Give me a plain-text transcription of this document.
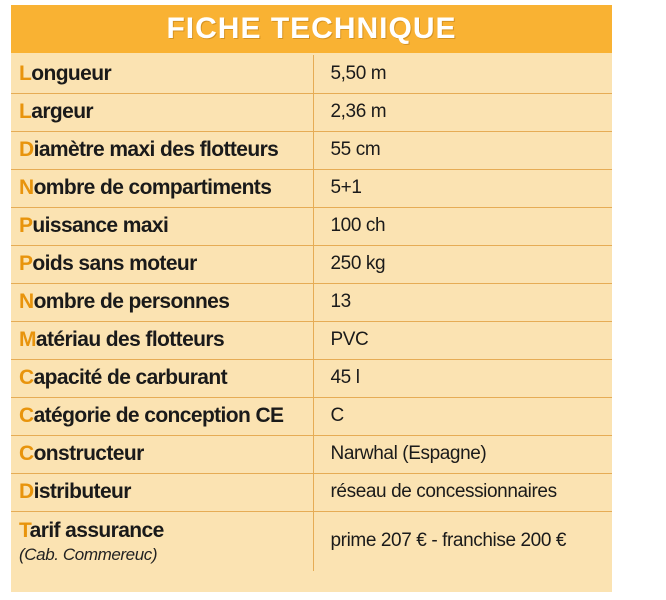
FICHE TECHNIQUE
Longueur	5,50 m
Largeur	2,36 m
Diamètre maxi des flotteurs	55 cm
Nombre de compartiments	5+1
Puissance maxi	100 ch
Poids sans moteur	250 kg
Nombre de personnes	13
Matériau des flotteurs	PVC
Capacité de carburant	45 l
Catégorie de conception CE	C
Constructeur	Narwhal (Espagne)
Distributeur	réseau de concessionnaires
Tarif assurance
(Cab. Commereuc)	prime 207 € - franchise 200 €
